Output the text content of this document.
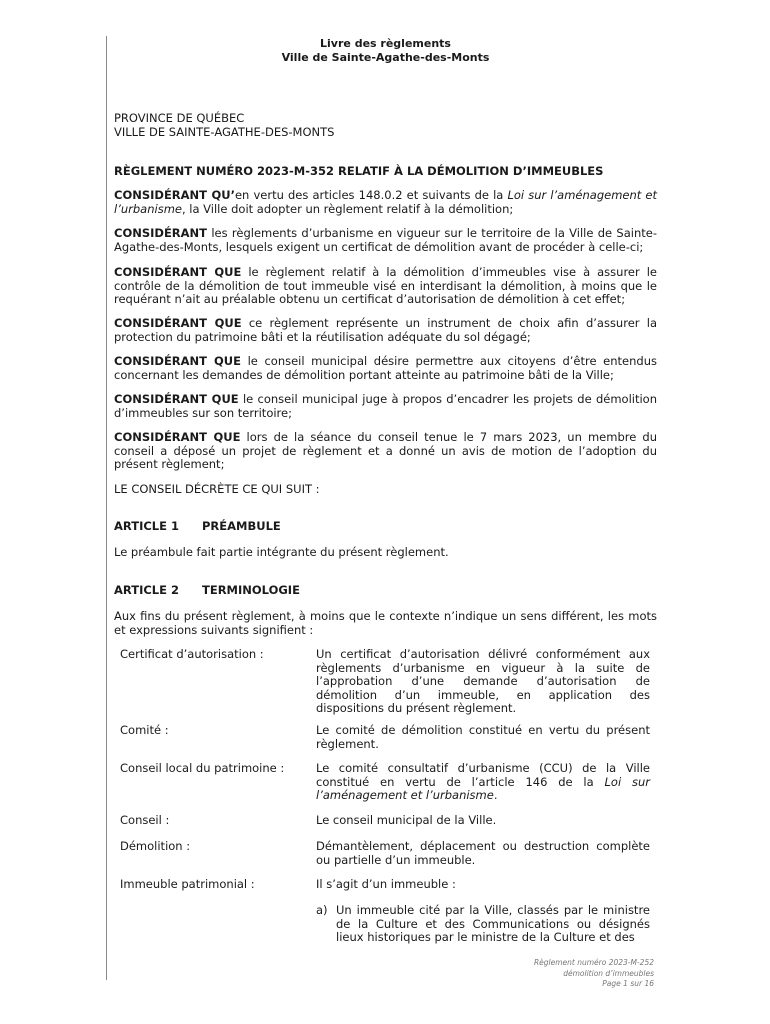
Livre des règlements
Ville de Sainte-Agathe-des-Monts
PROVINCE DE QUÉBEC
VILLE DE SAINTE-AGATHE-DES-MONTS
RÈGLEMENT NUMÉRO 2023-M-352 RELATIF À LA DÉMOLITION D’IMMEUBLES
CONSIDÉRANT QU’en vertu des articles 148.0.2 et suivants de la Loi sur l’aménagement et l’urbanisme, la Ville doit adopter un règlement relatif à la démolition;
CONSIDÉRANT les règlements d’urbanisme en vigueur sur le territoire de la Ville de Sainte-Agathe-des-Monts, lesquels exigent un certificat de démolition avant de procéder à celle-ci;
CONSIDÉRANT QUE le règlement relatif à la démolition d’immeubles vise à assurer le contrôle de la démolition de tout immeuble visé en interdisant la démolition, à moins que le requérant n’ait au préalable obtenu un certificat d’autorisation de démolition à cet effet;
CONSIDÉRANT QUE ce règlement représente un instrument de choix afin d’assurer la protection du patrimoine bâti et la réutilisation adéquate du sol dégagé;
CONSIDÉRANT QUE le conseil municipal désire permettre aux citoyens d’être entendus concernant les demandes de démolition portant atteinte au patrimoine bâti de la Ville;
CONSIDÉRANT QUE le conseil municipal juge à propos d’encadrer les projets de démolition d’immeubles sur son territoire;
CONSIDÉRANT QUE lors de la séance du conseil tenue le 7 mars 2023, un membre du conseil a déposé un projet de règlement et a donné un avis de motion de l’adoption du présent règlement;
LE CONSEIL DÉCRÈTE CE QUI SUIT :
ARTICLE 1 PRÉAMBULE
Le préambule fait partie intégrante du présent règlement.
ARTICLE 2 TERMINOLOGIE
Aux fins du présent règlement, à moins que le contexte n’indique un sens différent, les mots et expressions suivants signifient :
Certificat d’autorisation :	Un certificat d’autorisation délivré conformément aux règlements d’urbanisme en vigueur à la suite de l’approbation d’une demande d’autorisation de démolition d’un immeuble, en application des dispositions du présent règlement.
Comité :	Le comité de démolition constitué en vertu du présent règlement.
Conseil local du patrimoine :	Le comité consultatif d’urbanisme (CCU) de la Ville constitué en vertu de l’article 146 de la Loi sur l’aménagement et l’urbanisme.
Conseil :	Le conseil municipal de la Ville.
Démolition :	Démantèlement, déplacement ou destruction complète ou partielle d’un immeuble.
Immeuble patrimonial :	Il s’agit d’un immeuble :
a) Un immeuble cité par la Ville, classés par le ministre de la Culture et des Communications ou désignés lieux historiques par le ministre de la Culture et des
Règlement numéro 2023-M-252
démolition d’immeubles
Page 1 sur 16
